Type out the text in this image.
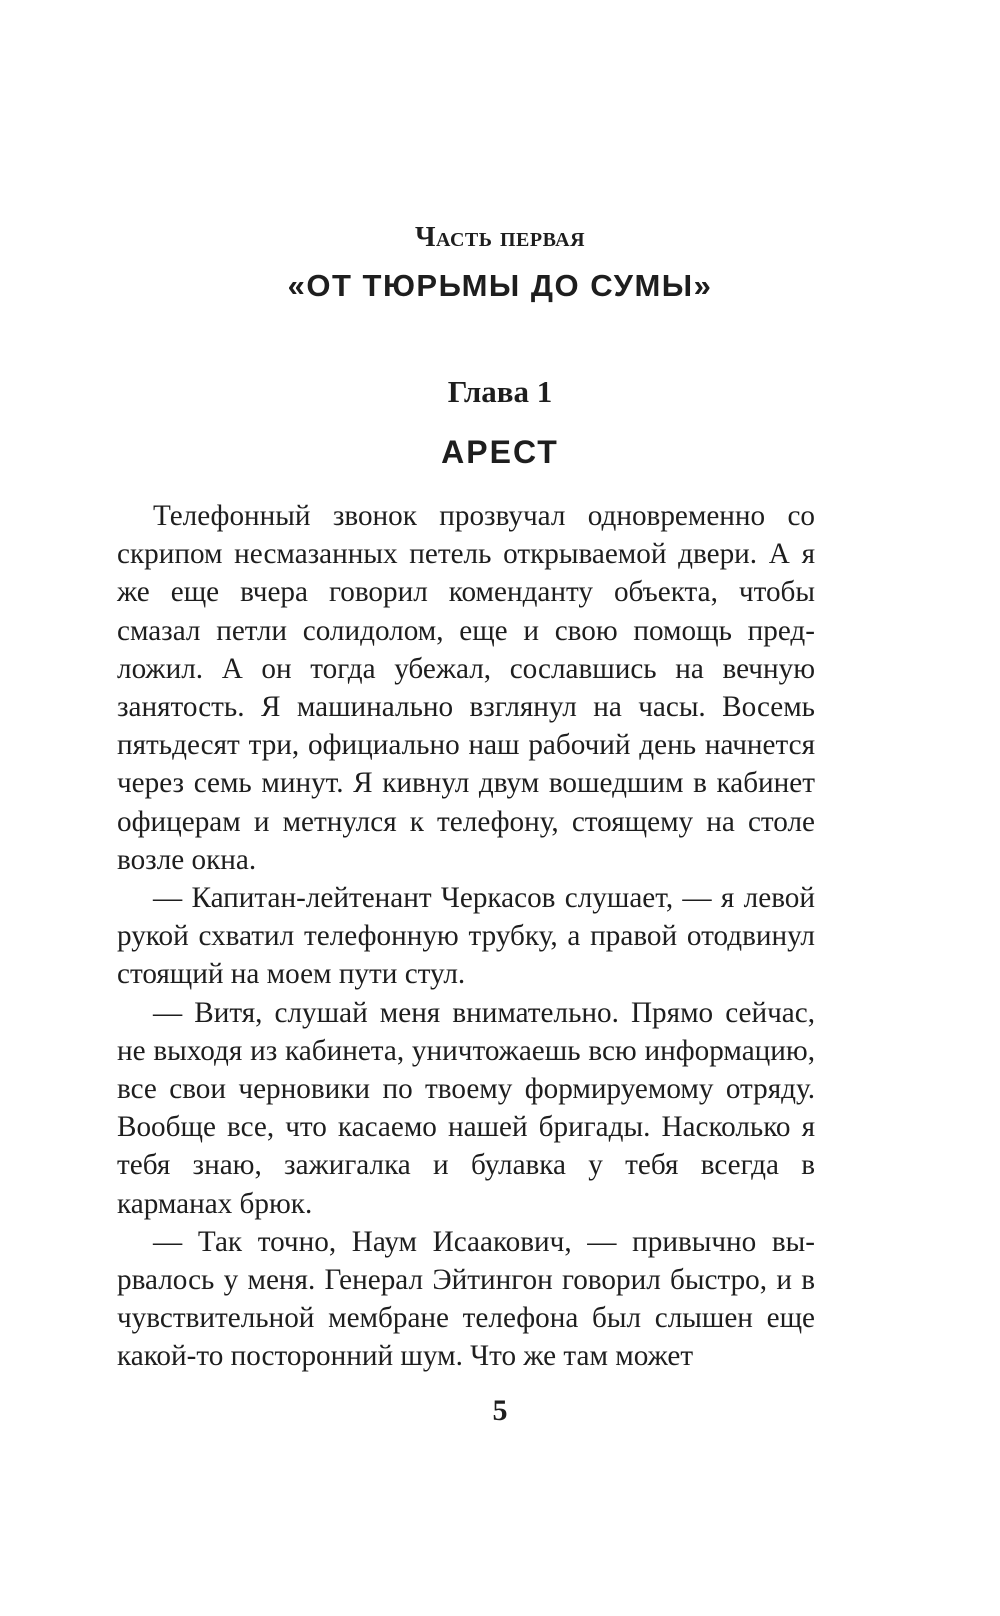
Часть первая
«ОТ ТЮРЬМЫ ДО СУМЫ»
Глава 1
АРЕСТ

Телефонный звонок прозвучал одновременно со скрипом несмазанных петель открываемой двери. А я же еще вчера говорил коменданту объекта, чтобы смазал петли солидолом, еще и свою помощь предложил. А он тогда убежал, сославшись на вечную занятость. Я машинально взглянул на часы. Восемь пятьдесят три, официально наш рабочий день начнется через семь минут. Я кивнул двум вошедшим в кабинет офицерам и метнулся к телефону, стоящему на столе возле окна.

— Капитан-лейтенант Черкасов слушает, — я левой рукой схватил телефонную трубку, а правой отодвинул стоящий на моем пути стул.

— Витя, слушай меня внимательно. Прямо сейчас, не выходя из кабинета, уничтожаешь всю информацию, все свои черновики по твоему формируемому отряду. Вообще все, что касаемо нашей бригады. Насколько я тебя знаю, зажигалка и булавка у тебя всегда в карманах брюк.

— Так точно, Наум Исаакович, — привычно вырвалось у меня. Генерал Эйтингон говорил быстро, и в чувствительной мембране телефона был слышен еще какой-то посторонний шум. Что же там может

5
